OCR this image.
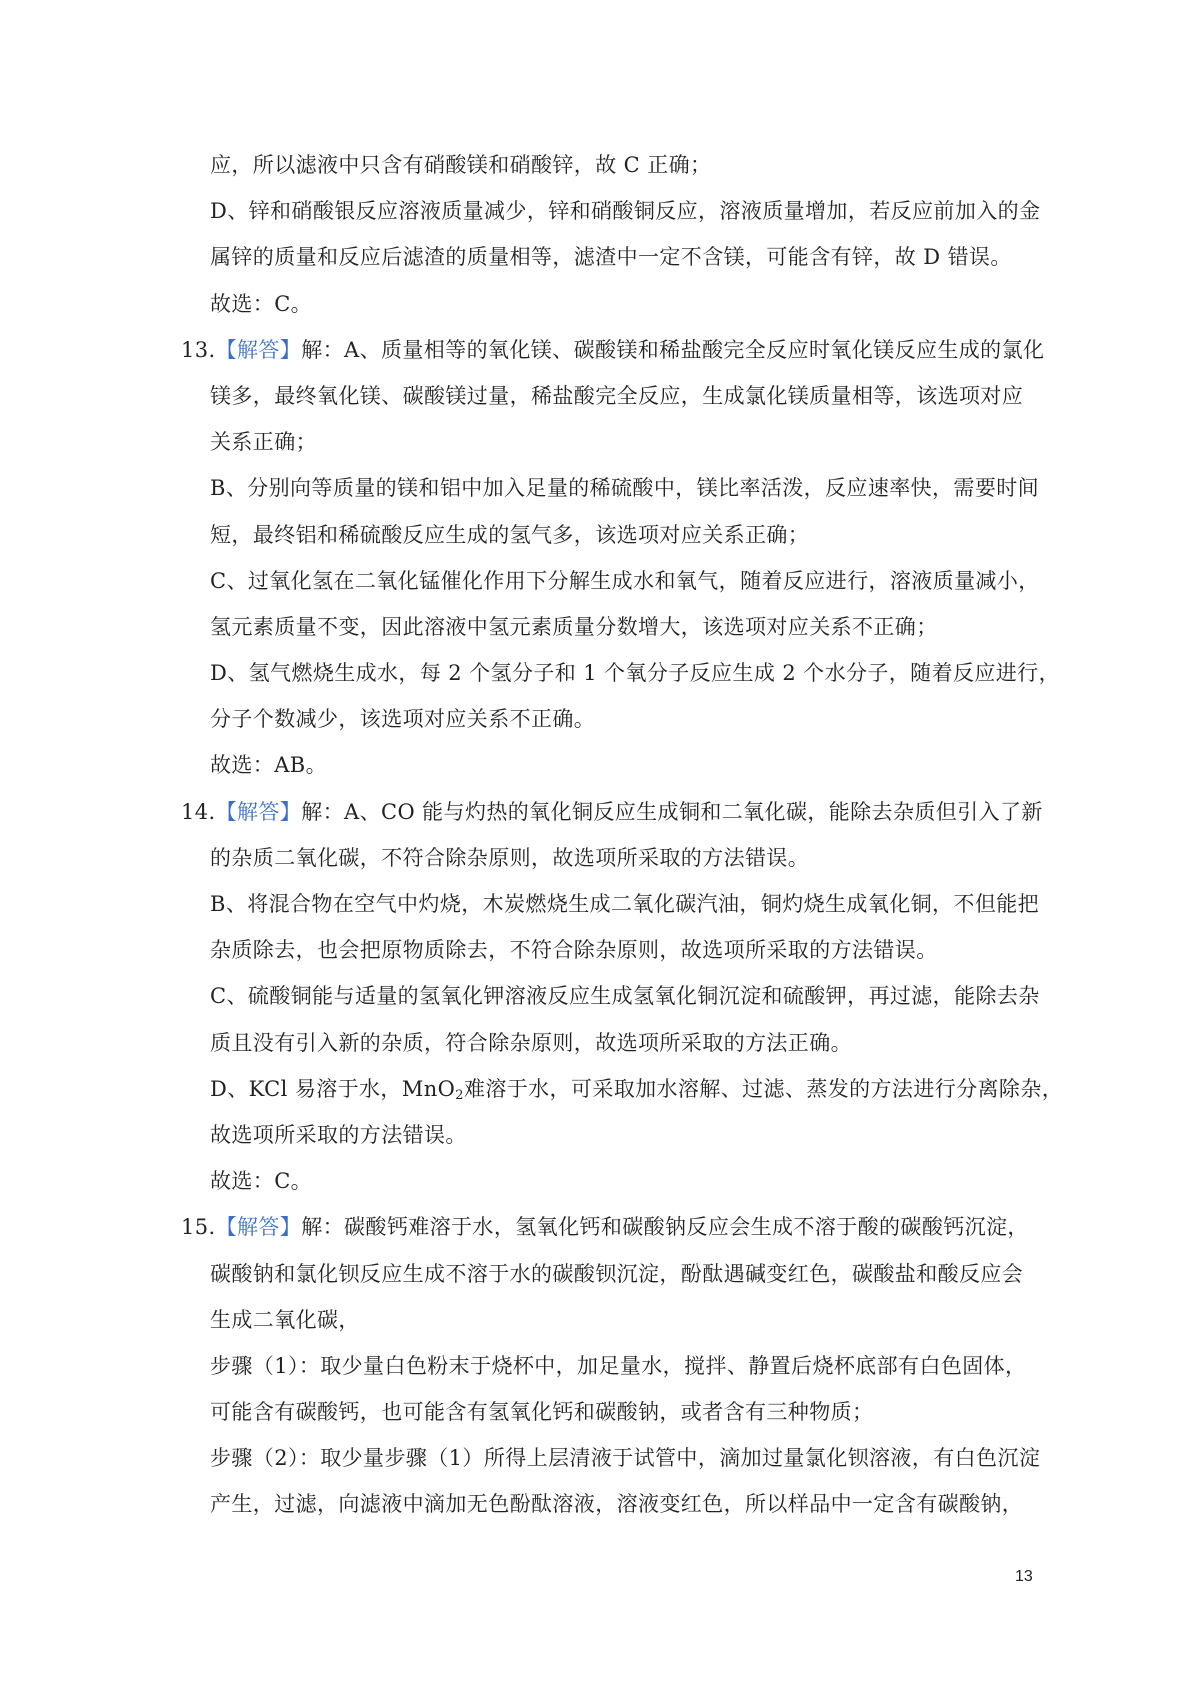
应，所以滤液中只含有硝酸镁和硝酸锌，故 C 正确；
D、锌和硝酸银反应溶液质量减少，锌和硝酸铜反应，溶液质量增加，若反应前加入的金
属锌的质量和反应后滤渣的质量相等，滤渣中一定不含镁，可能含有锌，故 D 错误。
故选：C。
13.【解答】解：A、质量相等的氧化镁、碳酸镁和稀盐酸完全反应时氧化镁反应生成的氯化
镁多，最终氧化镁、碳酸镁过量，稀盐酸完全反应，生成氯化镁质量相等，该选项对应
关系正确；
B、分别向等质量的镁和铝中加入足量的稀硫酸中，镁比率活泼，反应速率快，需要时间
短，最终铝和稀硫酸反应生成的氢气多，该选项对应关系正确；
C、过氧化氢在二氧化锰催化作用下分解生成水和氧气，随着反应进行，溶液质量减小，
氢元素质量不变，因此溶液中氢元素质量分数增大，该选项对应关系不正确；
D、氢气燃烧生成水，每 2 个氢分子和 1 个氧分子反应生成 2 个水分子，随着反应进行，
分子个数减少，该选项对应关系不正确。
故选：AB。
14.【解答】解：A、CO 能与灼热的氧化铜反应生成铜和二氧化碳，能除去杂质但引入了新
的杂质二氧化碳，不符合除杂原则，故选项所采取的方法错误。
B、将混合物在空气中灼烧，木炭燃烧生成二氧化碳汽油，铜灼烧生成氧化铜，不但能把
杂质除去，也会把原物质除去，不符合除杂原则，故选项所采取的方法错误。
C、硫酸铜能与适量的氢氧化钾溶液反应生成氢氧化铜沉淀和硫酸钾，再过滤，能除去杂
质且没有引入新的杂质，符合除杂原则，故选项所采取的方法正确。
D、KCl 易溶于水，MnO$_2$难溶于水，可采取加水溶解、过滤、蒸发的方法进行分离除杂，
故选项所采取的方法错误。
故选：C。
15.【解答】解：碳酸钙难溶于水，氢氧化钙和碳酸钠反应会生成不溶于酸的碳酸钙沉淀，
碳酸钠和氯化钡反应生成不溶于水的碳酸钡沉淀，酚酞遇碱变红色，碳酸盐和酸反应会
生成二氧化碳，
步骤（1）：取少量白色粉末于烧杯中，加足量水，搅拌、静置后烧杯底部有白色固体，
可能含有碳酸钙，也可能含有氢氧化钙和碳酸钠，或者含有三种物质；
步骤（2）：取少量步骤（1）所得上层清液于试管中，滴加过量氯化钡溶液，有白色沉淀
产生，过滤，向滤液中滴加无色酚酞溶液，溶液变红色，所以样品中一定含有碳酸钠，
13
